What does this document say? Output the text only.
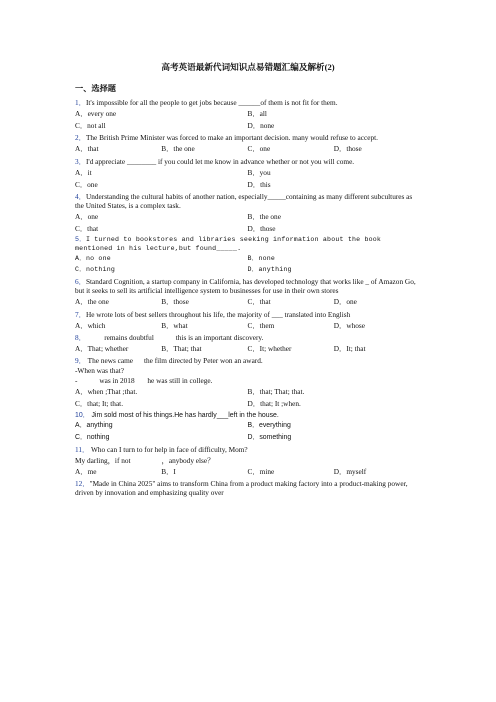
高考英语最新代词知识点易错题汇编及解析(2)
一、选择题
1．It's impossible for all the people to get jobs because ______of them is not fit for them.
A．every one	B．all
C．not all	D．none
2．The British Prime Minister was forced to make an important decision. many would refuse to accept.
A．that	B．the one	C．one	D．those
3．I'd appreciate ________ if you could let me know in advance whether or not you will come.
A．it	B．you
C．one	D．this
4．Understanding the cultural habits of another nation, especially_____containing as many different subcultures as the United States, is a complex task.
A．one	B．the one
C．that	D．those
5．I turned to bookstores and libraries seeking information about the book mentioned in his lecture,but found_____.
A．no one	B．none
C．nothing	D．anything
6．Standard Cognition, a startup company in California, has developed technology that works like _ of Amazon Go, but it seeks to sell its artificial intelligence system to businesses for use in their own stores
A．the one	B．those	C．that	D．one
7．He wrote lots of best sellers throughout his life, the majority of ___ translated into English
A．which	B．what	C．them	D．whose
8．          remains doubtful            this is an important discovery.
A．That; whether	B．That; that	C．It; whether	D．It; that
9． The news came      the film directed by Peter won an award.
-When was that?
-            was in 2018       he was still in college.
A．when ;That ;that.	B．that; That; that.
C．that; It; that.	D．that; It ;when.
10． Jim sold most of his things.He has hardly___left in the house.
A．anything	B．everything
C．nothing	D．something
11． Who can I turn to for help in face of difficulty, Mom?
My darling，if not                 ，anybody else？
A．me	B．I	C．mine	D．myself
12．"Made in China 2025" aims to transform China from a product making factory into a product-making power,                          driven by innovation and emphasizing quality over
